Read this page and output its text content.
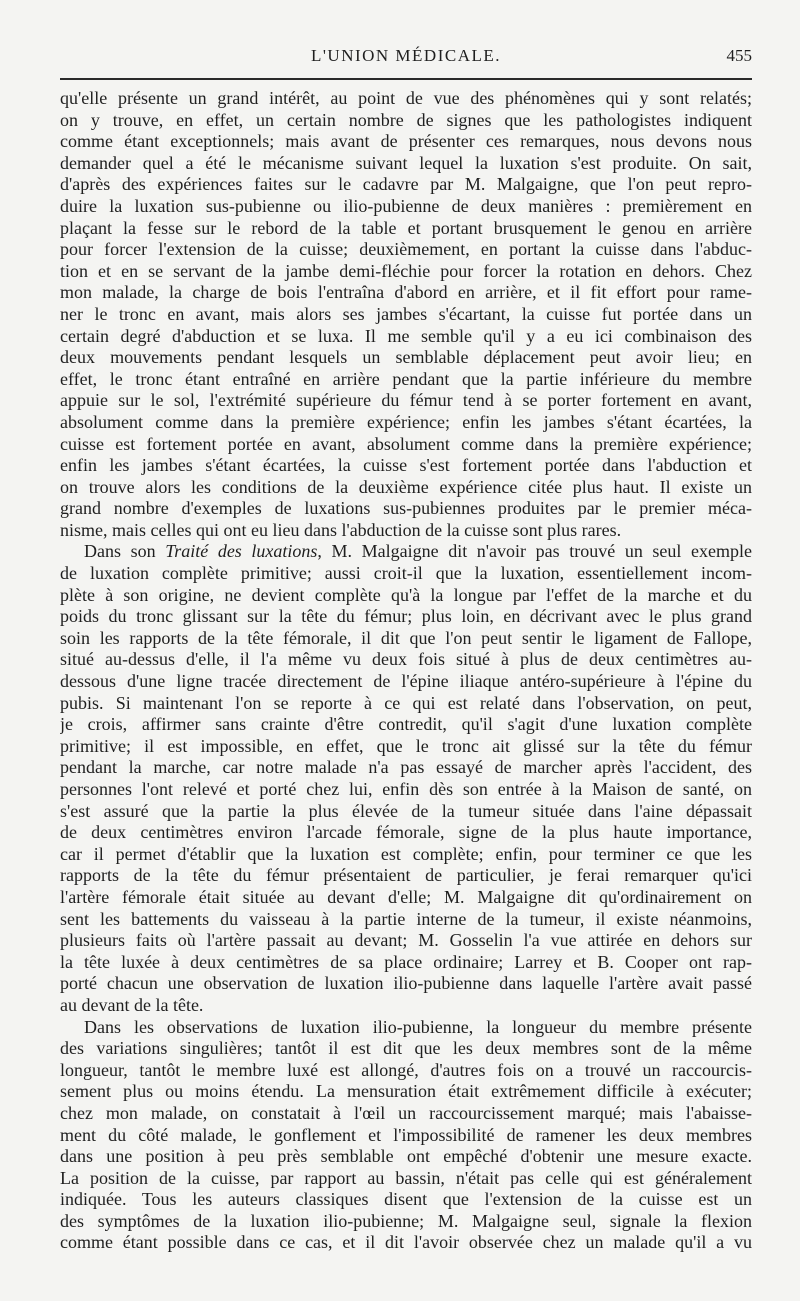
L'UNION MÉDICALE.	455
qu'elle présente un grand intérêt, au point de vue des phénomènes qui y sont relatés;
on y trouve, en effet, un certain nombre de signes que les pathologistes indiquent
comme étant exceptionnels; mais avant de présenter ces remarques, nous devons nous
demander quel a été le mécanisme suivant lequel la luxation s'est produite. On sait,
d'après des expériences faites sur le cadavre par M. Malgaigne, que l'on peut repro-
duire la luxation sus-pubienne ou ilio-pubienne de deux manières : premièrement en
plaçant la fesse sur le rebord de la table et portant brusquement le genou en arrière
pour forcer l'extension de la cuisse; deuxièmement, en portant la cuisse dans l'abduc-
tion et en se servant de la jambe demi-fléchie pour forcer la rotation en dehors. Chez
mon malade, la charge de bois l'entraîna d'abord en arrière, et il fit effort pour rame-
ner le tronc en avant, mais alors ses jambes s'écartant, la cuisse fut portée dans un
certain degré d'abduction et se luxa. Il me semble qu'il y a eu ici combinaison des
deux mouvements pendant lesquels un semblable déplacement peut avoir lieu; en
effet, le tronc étant entraîné en arrière pendant que la partie inférieure du membre
appuie sur le sol, l'extrémité supérieure du fémur tend à se porter fortement en avant,
absolument comme dans la première expérience; enfin les jambes s'étant écartées, la
cuisse est fortement portée en avant, absolument comme dans la première expérience;
enfin les jambes s'étant écartées, la cuisse s'est fortement portée dans l'abduction et
on trouve alors les conditions de la deuxième expérience citée plus haut. Il existe un
grand nombre d'exemples de luxations sus-pubiennes produites par le premier méca-
nisme, mais celles qui ont eu lieu dans l'abduction de la cuisse sont plus rares.
Dans son Traité des luxations, M. Malgaigne dit n'avoir pas trouvé un seul exemple
de luxation complète primitive; aussi croit-il que la luxation, essentiellement incom-
plète à son origine, ne devient complète qu'à la longue par l'effet de la marche et du
poids du tronc glissant sur la tête du fémur; plus loin, en décrivant avec le plus grand
soin les rapports de la tête fémorale, il dit que l'on peut sentir le ligament de Fallope,
situé au-dessus d'elle, il l'a même vu deux fois situé à plus de deux centimètres au-
dessous d'une ligne tracée directement de l'épine iliaque antéro-supérieure à l'épine du
pubis. Si maintenant l'on se reporte à ce qui est relaté dans l'observation, on peut,
je crois, affirmer sans crainte d'être contredit, qu'il s'agit d'une luxation complète
primitive; il est impossible, en effet, que le tronc ait glissé sur la tête du fémur
pendant la marche, car notre malade n'a pas essayé de marcher après l'accident, des
personnes l'ont relevé et porté chez lui, enfin dès son entrée à la Maison de santé, on
s'est assuré que la partie la plus élevée de la tumeur située dans l'aine dépassait
de deux centimètres environ l'arcade fémorale, signe de la plus haute importance,
car il permet d'établir que la luxation est complète; enfin, pour terminer ce que les
rapports de la tête du fémur présentaient de particulier, je ferai remarquer qu'ici
l'artère fémorale était située au devant d'elle; M. Malgaigne dit qu'ordinairement on
sent les battements du vaisseau à la partie interne de la tumeur, il existe néanmoins,
plusieurs faits où l'artère passait au devant; M. Gosselin l'a vue attirée en dehors sur
la tête luxée à deux centimètres de sa place ordinaire; Larrey et B. Cooper ont rap-
porté chacun une observation de luxation ilio-pubienne dans laquelle l'artère avait passé
au devant de la tête.
Dans les observations de luxation ilio-pubienne, la longueur du membre présente
des variations singulières; tantôt il est dit que les deux membres sont de la même
longueur, tantôt le membre luxé est allongé, d'autres fois on a trouvé un raccourcis-
sement plus ou moins étendu. La mensuration était extrêmement difficile à exécuter;
chez mon malade, on constatait à l'œil un raccourcissement marqué; mais l'abaisse-
ment du côté malade, le gonflement et l'impossibilité de ramener les deux membres
dans une position à peu près semblable ont empêché d'obtenir une mesure exacte.
La position de la cuisse, par rapport au bassin, n'était pas celle qui est généralement
indiquée. Tous les auteurs classiques disent que l'extension de la cuisse est un
des symptômes de la luxation ilio-pubienne; M. Malgaigne seul, signale la flexion
comme étant possible dans ce cas, et il dit l'avoir observée chez un malade qu'il a vu
